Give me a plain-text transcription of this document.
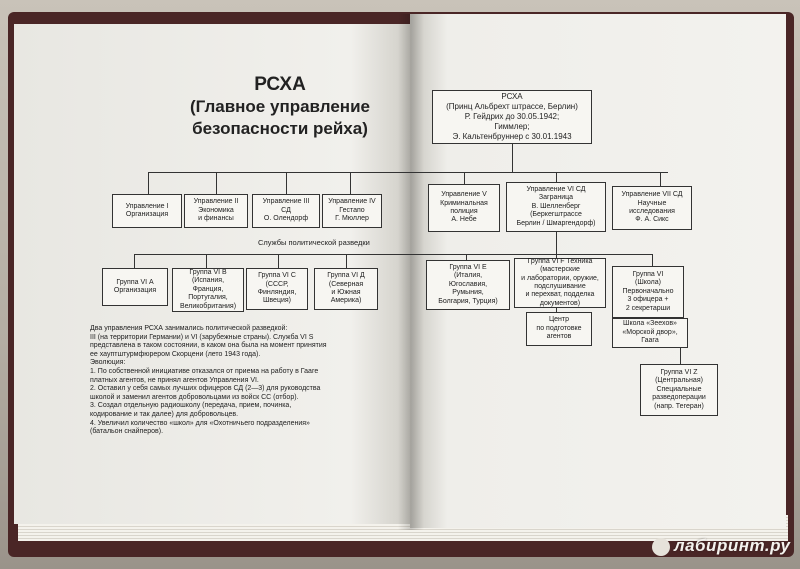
РСХА
(Главное управление
безопасности рейха)
РСХА
(Принц Альбрехт штрассе, Берлин)
Р. Гейдрих до 30.05.1942;
Гиммлер;
Э. Кальтенбруннер с 30.01.1943
Управление I
Организация
Управление II
Экономика
и финансы
Управление III
СД
О. Олендорф
Управление IV
Гестапо
Г. Мюллер
Управление V
Криминальная
полиция
А. Небе
Управление VI СД
Заграница
В. Шелленберг
(Беркегштрассе
Берлин / Шмаргендорф)
Управление VII СД
Научные
исследования
Ф. А. Сикс
Службы политической разведки
Группа VI А
Организация
Группа VI В
(Испания,
Франция,
Португалия,
Великобритания)
Группа VI С
(СССР,
Финляндия,
Швеция)
Группа VI Д
(Северная
и Южная
Америка)
Группа VI Е
(Италия,
Югославия,
Румыния,
Болгария, Турция)
Группа VI F Техника
(мастерские
и лаборатории, оружие,
подслушивание
и перехват, подделка
документов)
Группа VI
(Школа)
Первоначально
3 офицера +
2 секретарши
Центр
по подготовке
агентов
Школа «Зеехов»
«Морской двор»,
Гаага
Группа VI Z
(Центральная)
Специальные
разведоперации
(напр. Тегеран)
Два управления РСХА занимались политической разведкой:
III (на территории Германии) и VI (зарубежные страны). Служба VI S
представлена в таком состоянии, в каком она была на момент принятия
ее хауптштурмфюрером Скорцени (лето 1943 года).
Эволюция:
1. По собственной инициативе отказался от приема на работу в Гааге
платных агентов, не принял агентов Управления VI.
2. Оставил у себя самых лучших офицеров СД (2—3) для руководства
школой и заменил агентов добровольцами из войск СС (отбор).
3. Создал отдельную радиошколу (передача, прием, починка,
кодирование и так далее) для добровольцев.
4. Увеличил количество «школ» для «Охотничьего подразделения»
(батальон снайперов).
лабиринт.ру
